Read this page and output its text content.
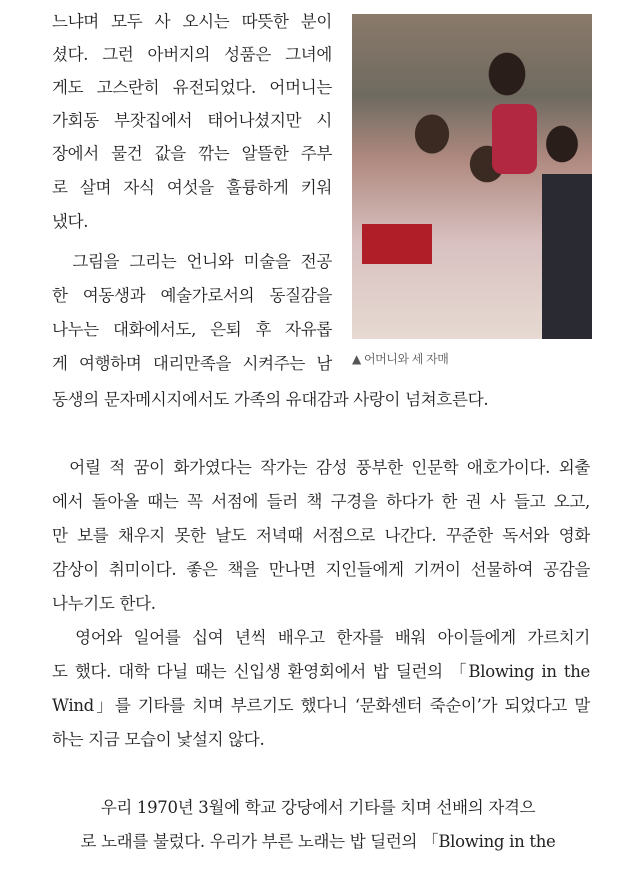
▲ 어머니와 세 자매
느냐며 모두 사 오시는 따뜻한 분이
셨다. 그런 아버지의 성품은 그녀에
게도 고스란히 유전되었다. 어머니는
가회동 부잣집에서 태어나셨지만 시
장에서 물건 값을 깎는 알뜰한 주부
로 살며 자식 여섯을 훌륭하게 키워
냈다.
그림을 그리는 언니와 미술을 전공
한 여동생과 예술가로서의 동질감을
나누는 대화에서도, 은퇴 후 자유롭
게 여행하며 대리만족을 시켜주는 남
동생의 문자메시지에서도 가족의 유대감과 사랑이 넘쳐흐른다.
어릴 적 꿈이 화가였다는 작가는 감성 풍부한 인문학 애호가이다. 외출
에서 돌아올 때는 꼭 서점에 들러 책 구경을 하다가 한 권 사 들고 오고,
만 보를 채우지 못한 날도 저녁때 서점으로 나간다. 꾸준한 독서와 영화
감상이 취미이다. 좋은 책을 만나면 지인들에게 기꺼이 선물하여 공감을
나누기도 한다.
영어와 일어를 십여 년씩 배우고 한자를 배워 아이들에게 가르치기
도 했다. 대학 다닐 때는 신입생 환영회에서 밥 딜런의 「Blowing in the
Wind」를 기타를 치며 부르기도 했다니 ‘문화센터 죽순이’가 되었다고 말
하는 지금 모습이 낯설지 않다.
우리 1970년 3월에 학교 강당에서 기타를 치며 선배의 자격으
로 노래를 불렀다. 우리가 부른 노래는 밥 딜런의 「Blowing in the
